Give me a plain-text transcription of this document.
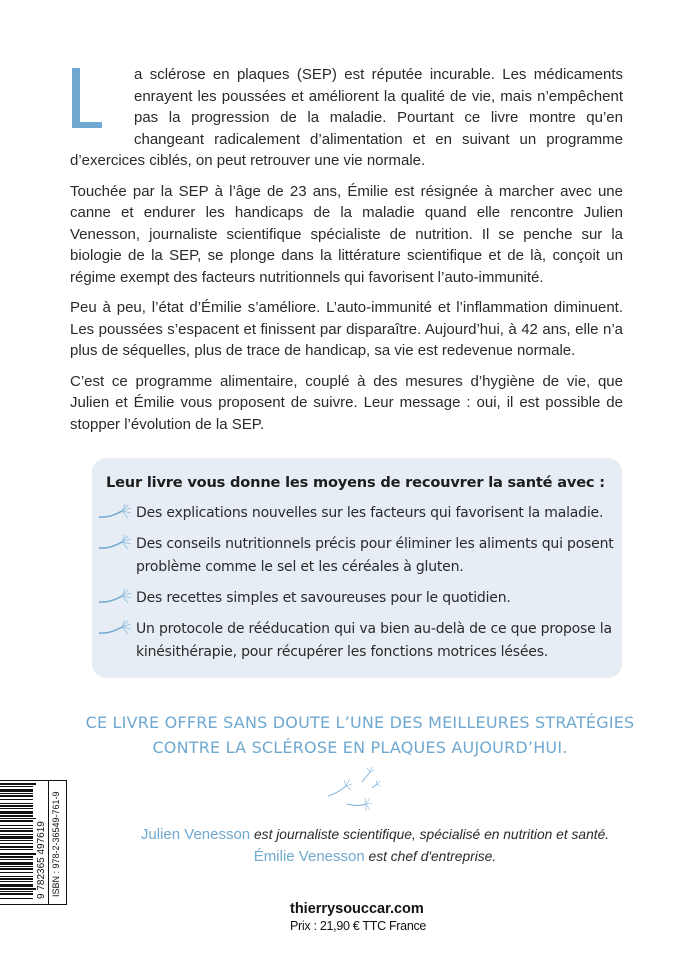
a sclérose en plaques (SEP) est réputée incurable. Les médicaments enrayent les poussées et améliorent la qualité de vie, mais n’empêchent pas la progression de la maladie. Pourtant ce livre montre qu’en changeant radicalement d’alimentation et en suivant un programme d’exercices ciblés, on peut retrouver une vie normale.

Touchée par la SEP à l’âge de 23 ans, Émilie est résignée à marcher avec une canne et endurer les handicaps de la maladie quand elle rencontre Julien Venesson, journaliste scientifique spécialiste de nutrition. Il se penche sur la biologie de la SEP, se plonge dans la littérature scientifique et de là, conçoit un régime exempt des facteurs nutritionnels qui favorisent l’auto-immunité.

Peu à peu, l’état d’Émilie s’améliore. L’auto-immunité et l’inflammation diminuent. Les poussées s’espacent et finissent par disparaître. Aujourd’hui, à 42 ans, elle n’a plus de séquelles, plus de trace de handicap, sa vie est redevenue normale.

C’est ce programme alimentaire, couplé à des mesures d’hygiène de vie, que Julien et Émilie vous proposent de suivre. Leur message : oui, il est possible de stopper l’évolution de la SEP.

Leur livre vous donne les moyens de recouvrer la santé avec :
Des explications nouvelles sur les facteurs qui favorisent la maladie.
Des conseils nutritionnels précis pour éliminer les aliments qui posent problème comme le sel et les céréales à gluten.
Des recettes simples et savoureuses pour le quotidien.
Un protocole de rééducation qui va bien au-delà de ce que propose la kinésithérapie, pour récupérer les fonctions motrices lésées.
CE LIVRE OFFRE SANS DOUTE L’UNE DES MEILLEURES STRATÉGIES
CONTRE LA SCLÉROSE EN PLAQUES AUJOURD’HUI.
Julien Venesson est journaliste scientifique, spécialisé en nutrition et santé.
Émilie Venesson est chef d'entreprise.
thierrysouccar.com
Prix : 21,90 € TTC France
9 782365 497619 ISBN : 978-2-36549-761-9
